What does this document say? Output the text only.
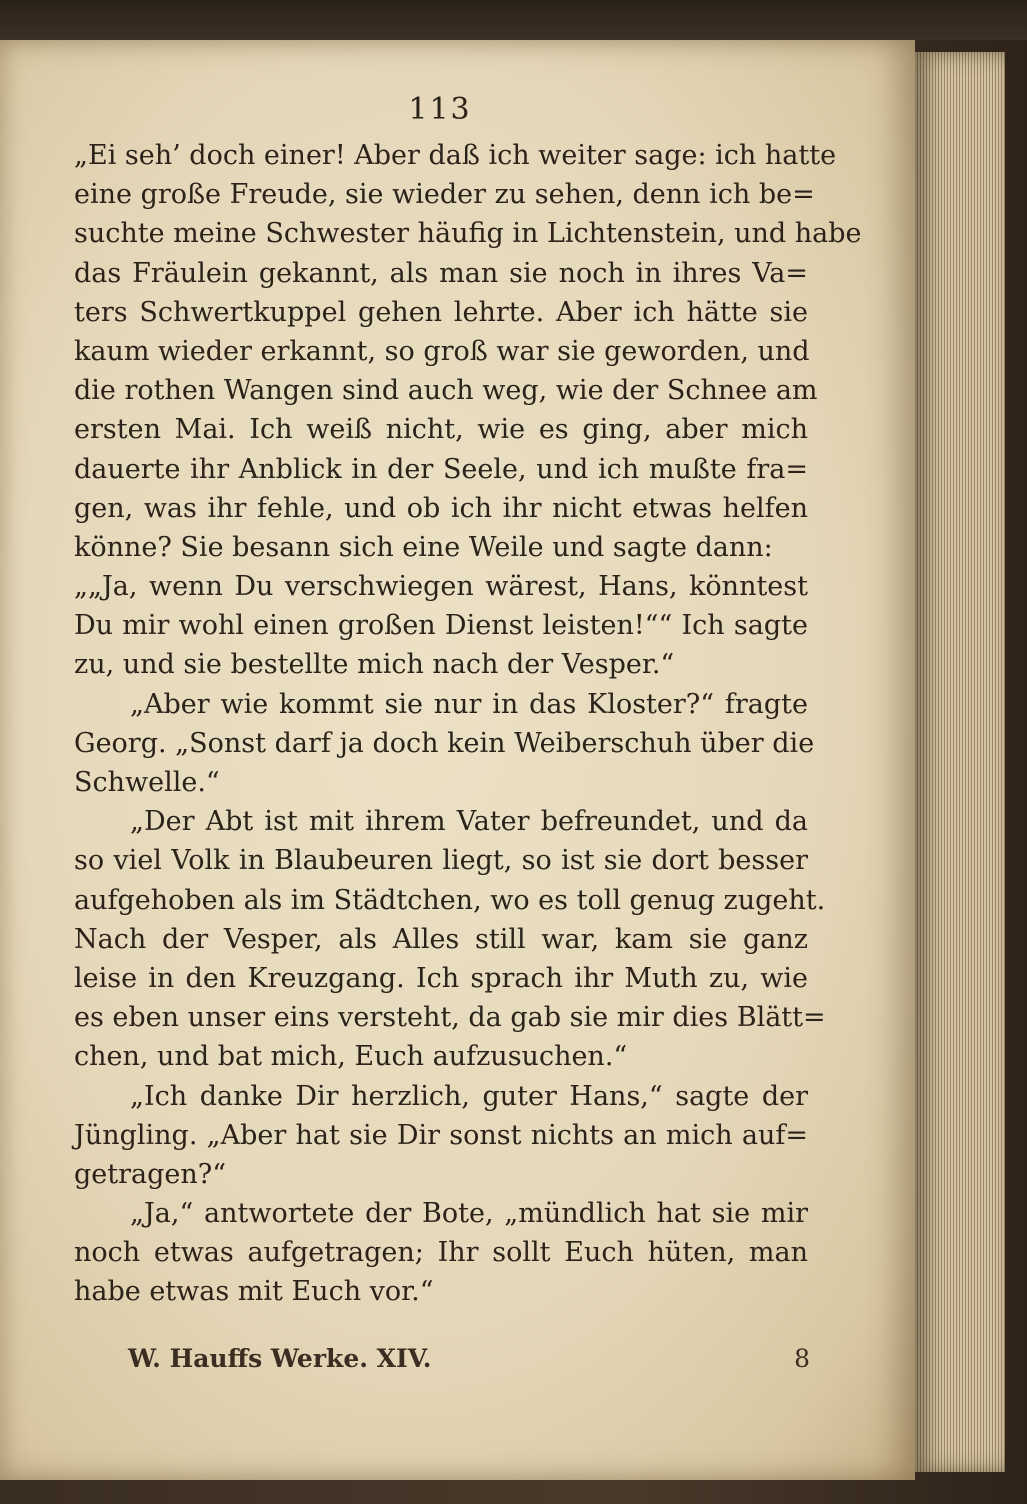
113
„Ei seh’ doch einer! Aber daß ich weiter sage: ich hatte
eine große Freude, sie wieder zu sehen, denn ich be=
suchte meine Schwester häufig in Lichtenstein, und habe
das Fräulein gekannt, als man sie noch in ihres Va=
ters Schwertkuppel gehen lehrte. Aber ich hätte sie
kaum wieder erkannt, so groß war sie geworden, und
die rothen Wangen sind auch weg, wie der Schnee am
ersten Mai. Ich weiß nicht, wie es ging, aber mich
dauerte ihr Anblick in der Seele, und ich mußte fra=
gen, was ihr fehle, und ob ich ihr nicht etwas helfen
könne? Sie besann sich eine Weile und sagte dann:
„„Ja, wenn Du verschwiegen wärest, Hans, könntest
Du mir wohl einen großen Dienst leisten!““ Ich sagte
zu, und sie bestellte mich nach der Vesper.“
„Aber wie kommt sie nur in das Kloster?“ fragte
Georg. „Sonst darf ja doch kein Weiberschuh über die
Schwelle.“
„Der Abt ist mit ihrem Vater befreundet, und da
so viel Volk in Blaubeuren liegt, so ist sie dort besser
aufgehoben als im Städtchen, wo es toll genug zugeht.
Nach der Vesper, als Alles still war, kam sie ganz
leise in den Kreuzgang. Ich sprach ihr Muth zu, wie
es eben unser eins versteht, da gab sie mir dies Blätt=
chen, und bat mich, Euch aufzusuchen.“
„Ich danke Dir herzlich, guter Hans,“ sagte der
Jüngling. „Aber hat sie Dir sonst nichts an mich auf=
getragen?“
„Ja,“ antwortete der Bote, „mündlich hat sie mir
noch etwas aufgetragen; Ihr sollt Euch hüten, man
habe etwas mit Euch vor.“
W. Hauffs Werke. XIV.	8
